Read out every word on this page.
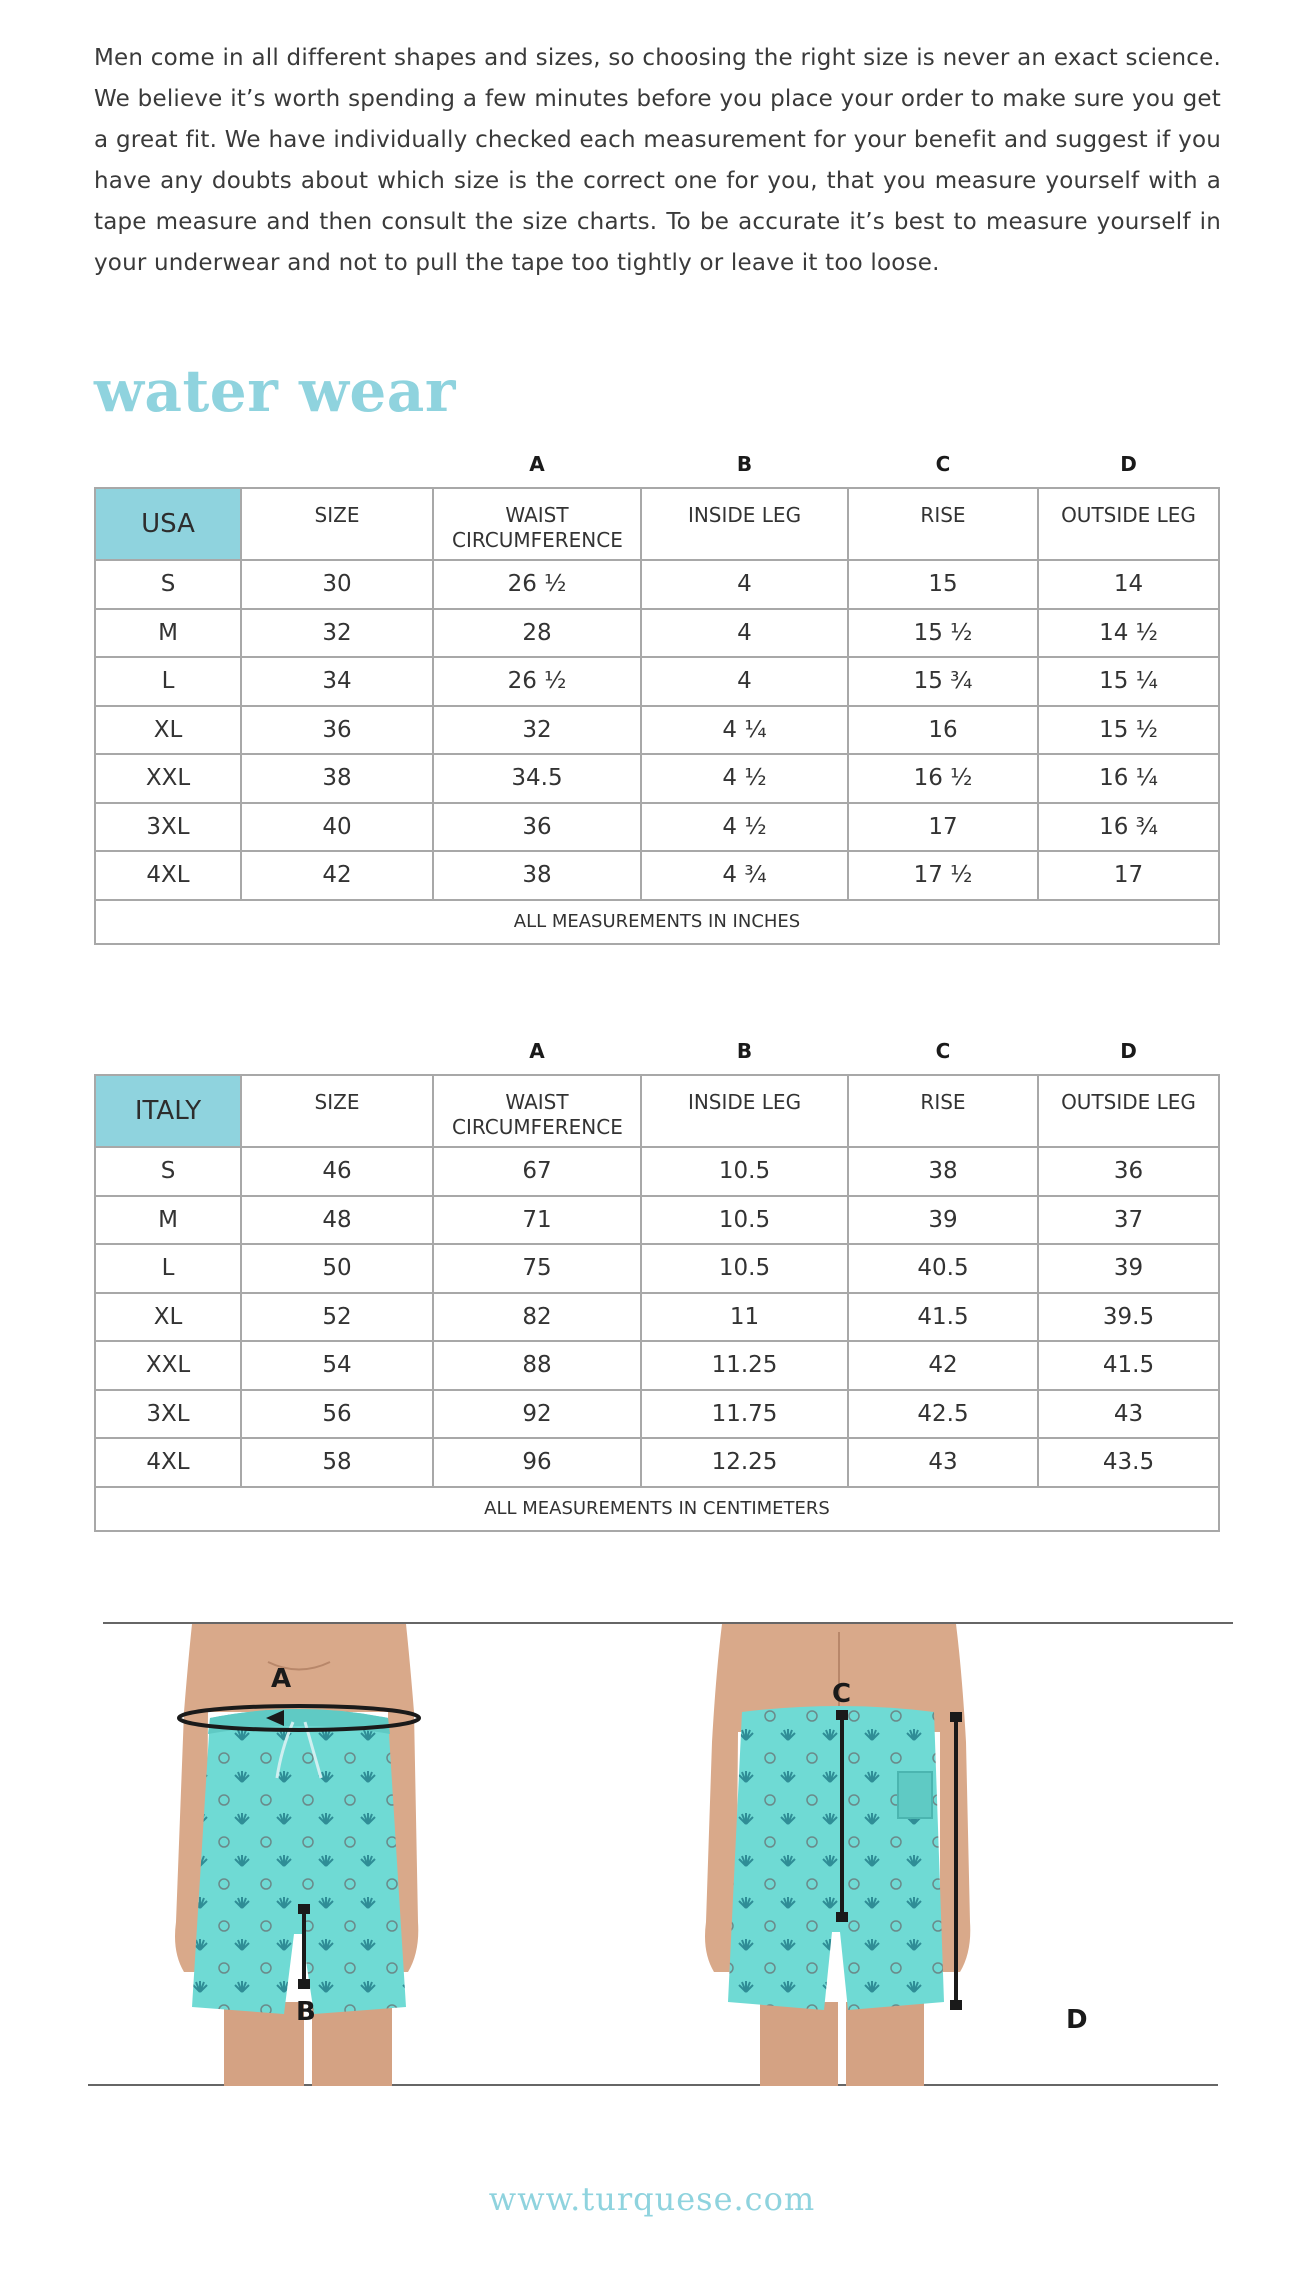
Men come in all different shapes and sizes, so choosing the right size is never an exact science. We believe it’s worth spending a few minutes before you place your order to make sure you get a great fit. We have individually checked each measurement for your benefit and suggest if you have any doubts about which size is the correct one for you, that you measure yourself with a tape measure and then consult the size charts. To be accurate it’s best to measure yourself in your underwear and not to pull the tape too tightly or leave it too loose.

water wear
		A	B	C	D
USA	SIZE	WAIST CIRCUMFERENCE	INSIDE LEG	RISE	OUTSIDE LEG
S	30	26 ½	4	15	14
M	32	28	4	15 ½	14 ½
L	34	26 ½	4	15 ¾	15 ¼
XL	36	32	4 ¼	16	15 ½
XXL	38	34.5	4 ½	16 ½	16 ¼
3XL	40	36	4 ½	17	16 ¾
4XL	42	38	4 ¾	17 ½	17
ALL MEASUREMENTS IN INCHES					
		A	B	C	D
ITALY	SIZE	WAIST CIRCUMFERENCE	INSIDE LEG	RISE	OUTSIDE LEG
S	46	67	10.5	38	36
M	48	71	10.5	39	37
L	50	75	10.5	40.5	39
XL	52	82	11	41.5	39.5
XXL	54	88	11.25	42	41.5
3XL	56	92	11.75	42.5	43
4XL	58	96	12.25	43	43.5
ALL MEASUREMENTS IN CENTIMETERS					
A
B
C
D
www.turquese.com
